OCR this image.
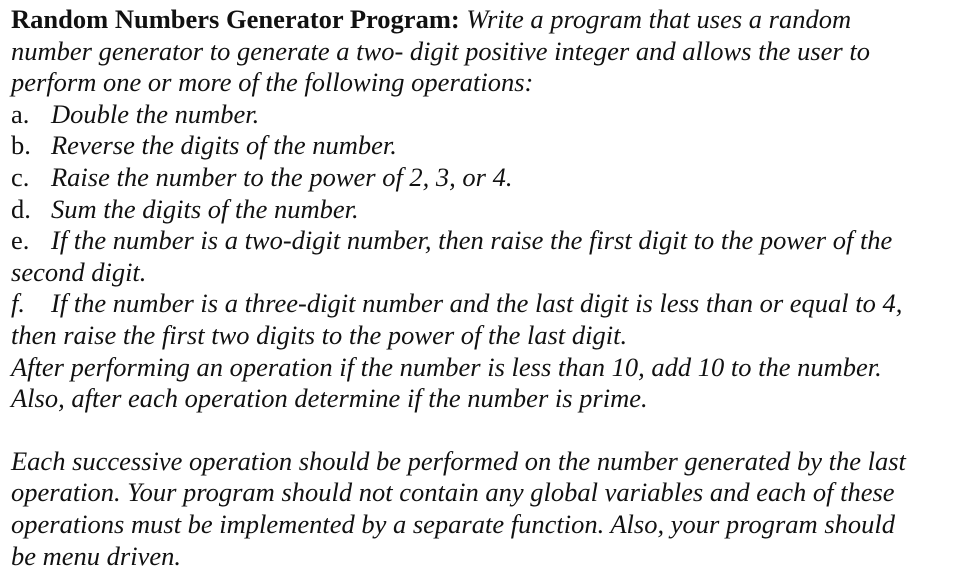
Random Numbers Generator Program: Write a program that uses a random
number generator to generate a two- digit positive integer and allows the user to
perform one or more of the following operations:
a. Double the number.
b. Reverse the digits of the number.
c. Raise the number to the power of 2, 3, or 4.
d. Sum the digits of the number.
e. If the number is a two-digit number, then raise the first digit to the power of the
second digit.
f. If the number is a three-digit number and the last digit is less than or equal to 4,
then raise the first two digits to the power of the last digit.
After performing an operation if the number is less than 10, add 10 to the number.
Also, after each operation determine if the number is prime.
Each successive operation should be performed on the number generated by the last
operation. Your program should not contain any global variables and each of these
operations must be implemented by a separate function. Also, your program should
be menu driven.
